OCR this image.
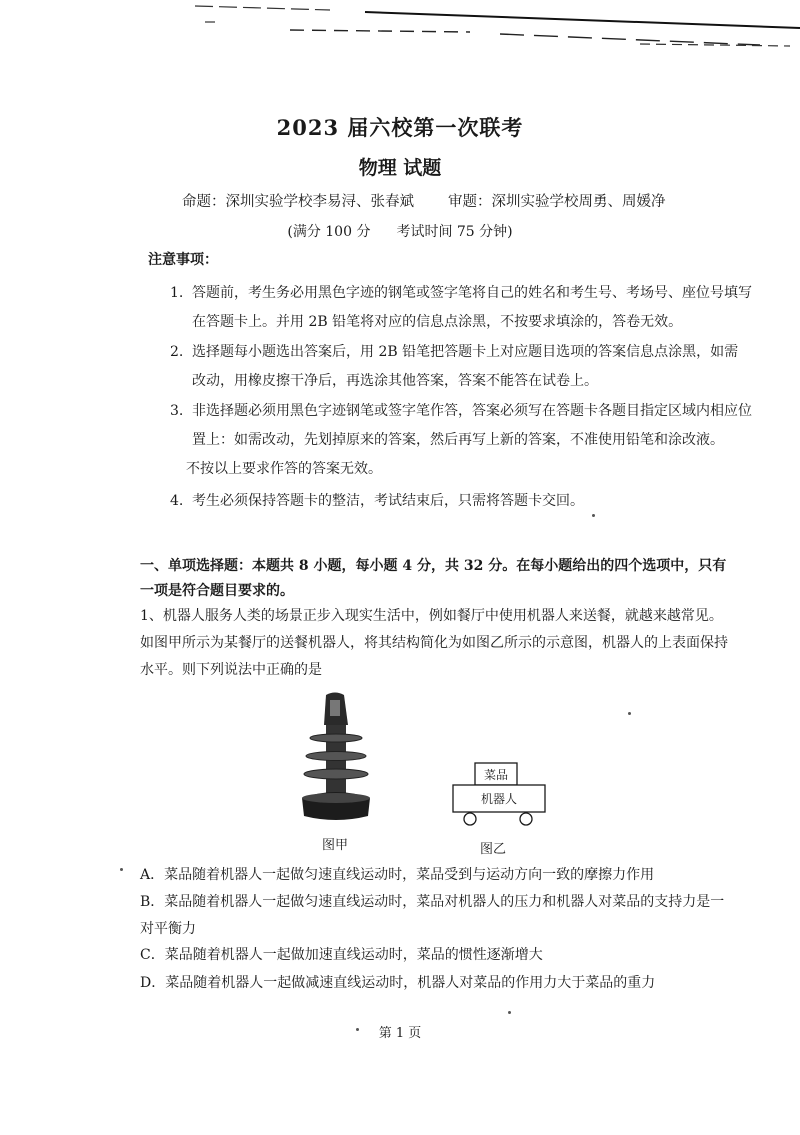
2023 届六校第一次联考
物理 试题
命题：深圳实验学校李易浔、张春斌 审题：深圳实验学校周勇、周媛净
(满分 100 分 考试时间 75 分钟)
注意事项：
1. 答题前，考生务必用黑色字迹的钢笔或签字笔将自己的姓名和考生号、考场号、座位号填写在答题卡上。并用 2B 铅笔将对应的信息点涂黑，不按要求填涂的，答卷无效。
2. 选择题每小题选出答案后，用 2B 铅笔把答题卡上对应题目选项的答案信息点涂黑，如需改动，用橡皮擦干净后，再选涂其他答案，答案不能答在试卷上。
3. 非选择题必须用黑色字迹钢笔或签字笔作答，答案必须写在答题卡各题目指定区域内相应位置上：如需改动，先划掉原来的答案，然后再写上新的答案，不准使用铅笔和涂改液。
不按以上要求作答的答案无效。
4. 考生必须保持答题卡的整洁，考试结束后，只需将答题卡交回。
一、单项选择题：本题共 8 小题，每小题 4 分，共 32 分。在每小题给出的四个选项中，只有一项是符合题目要求的。
1、机器人服务人类的场景正步入现实生活中，例如餐厅中使用机器人来送餐，就越来越常见。如图甲所示为某餐厅的送餐机器人，将其结构简化为如图乙所示的示意图，机器人的上表面保持水平。则下列说法中正确的是
菜品
机器人
图甲	图乙
A．菜品随着机器人一起做匀速直线运动时，菜品受到与运动方向一致的摩擦力作用
B．菜品随着机器人一起做匀速直线运动时，菜品对机器人的压力和机器人对菜品的支持力是一对平衡力
C．菜品随着机器人一起做加速直线运动时，菜品的惯性逐渐增大
D．菜品随着机器人一起做减速直线运动时，机器人对菜品的作用力大于菜品的重力
第 1 页
